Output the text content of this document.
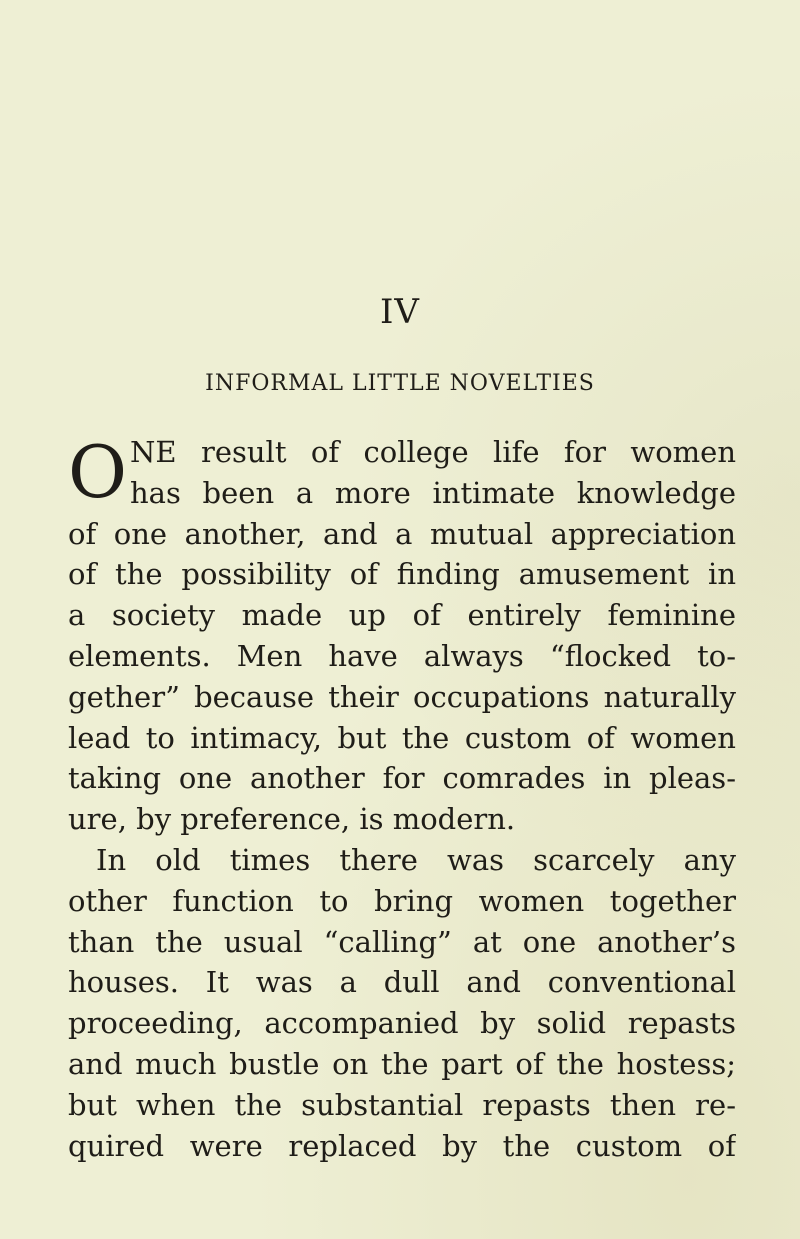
IV
INFORMAL LITTLE NOVELTIES
O NE result of college life for women
has been a more intimate knowledge
of one another, and a mutual appreciation
of the possibility of finding amusement in
a society made up of entirely feminine
elements. Men have always “flocked to-
gether” because their occupations naturally
lead to intimacy, but the custom of women
taking one another for comrades in pleas-
ure, by preference, is modern.
In old times there was scarcely any
other function to bring women together
than the usual “calling” at one another’s
houses. It was a dull and conventional
proceeding, accompanied by solid repasts
and much bustle on the part of the hostess;
but when the substantial repasts then re-
quired were replaced by the custom of
